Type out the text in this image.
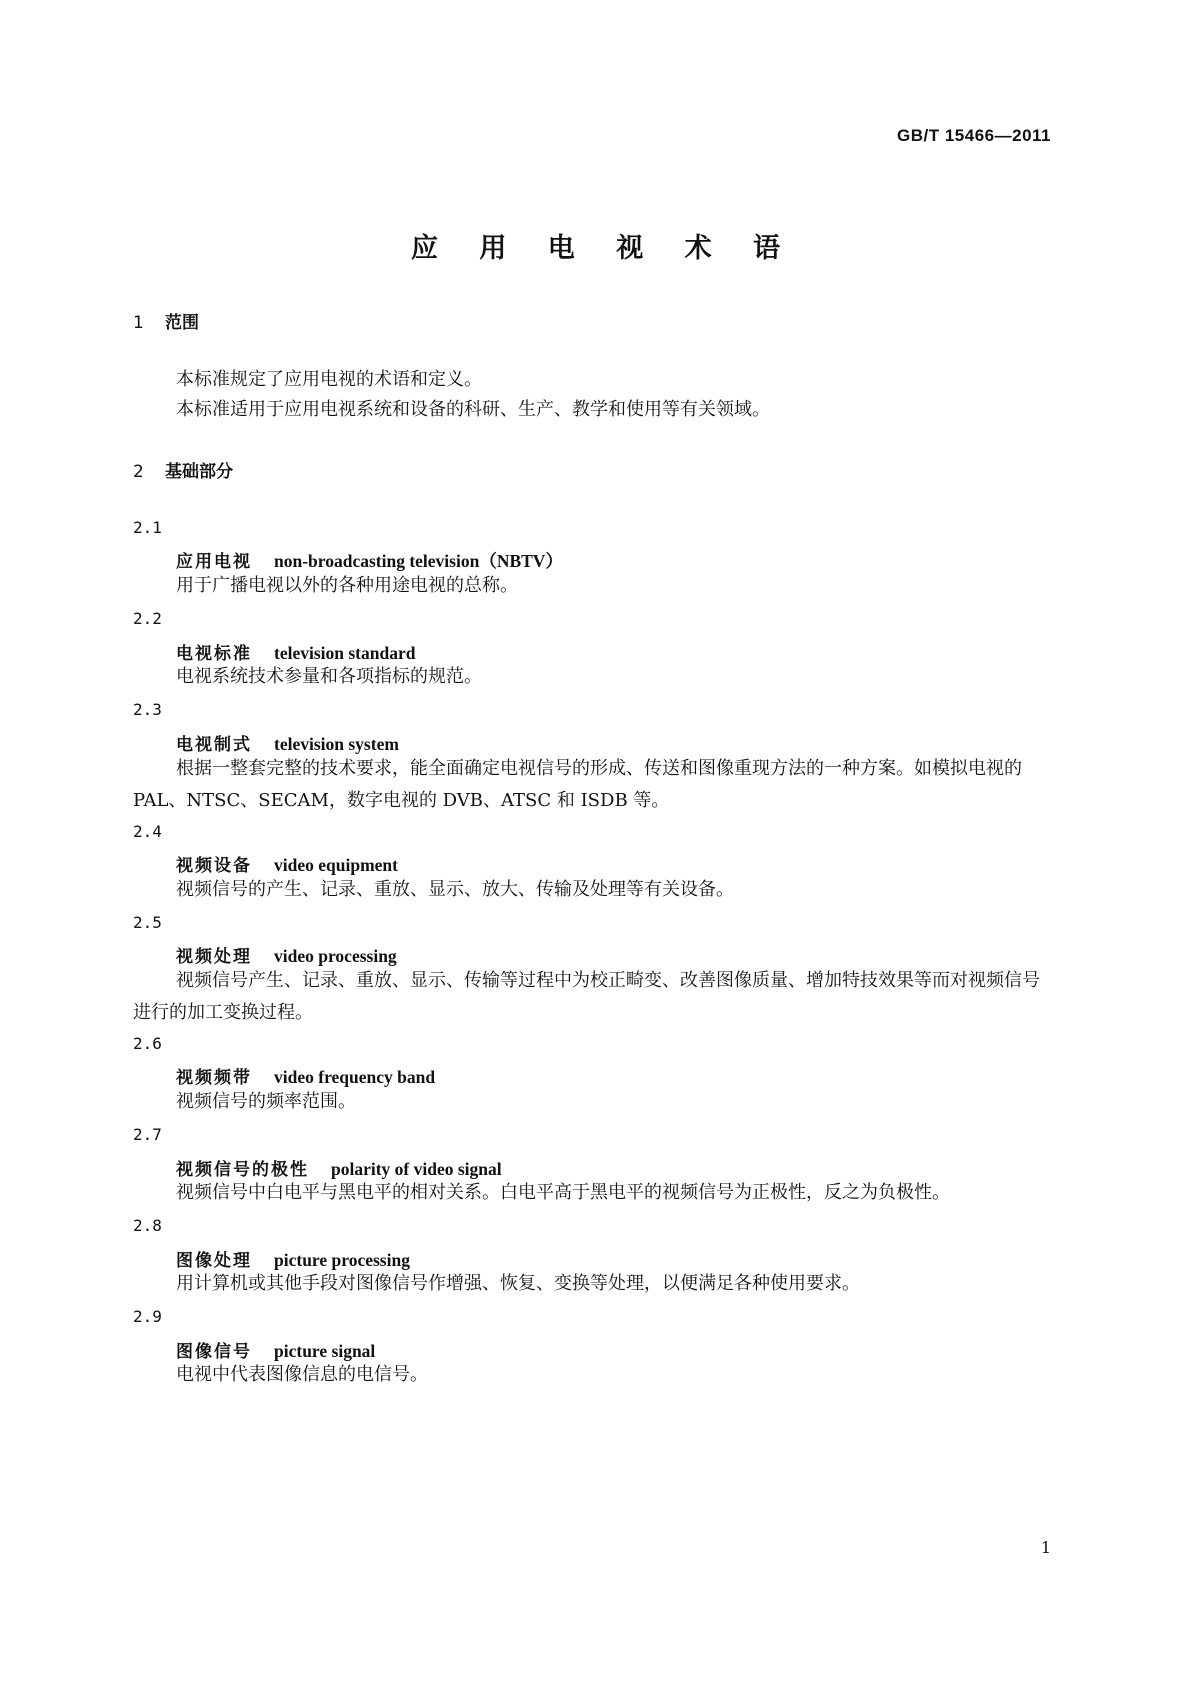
GB/T 15466—2011
应 用 电 视 术 语
1 范围
本标准规定了应用电视的术语和定义。
本标准适用于应用电视系统和设备的科研、生产、教学和使用等有关领域。
2 基础部分
2.1
应用电视 non-broadcasting television（NBTV）
用于广播电视以外的各种用途电视的总称。
2.2
电视标准 television standard
电视系统技术参量和各项指标的规范。
2.3
电视制式 television system
根据一整套完整的技术要求，能全面确定电视信号的形成、传送和图像重现方法的一种方案。如模拟电视的 PAL、NTSC、SECAM，数字电视的 DVB、ATSC 和 ISDB 等。
2.4
视频设备 video equipment
视频信号的产生、记录、重放、显示、放大、传输及处理等有关设备。
2.5
视频处理 video processing
视频信号产生、记录、重放、显示、传输等过程中为校正畸变、改善图像质量、增加特技效果等而对视频信号进行的加工变换过程。
2.6
视频频带 video frequency band
视频信号的频率范围。
2.7
视频信号的极性 polarity of video signal
视频信号中白电平与黑电平的相对关系。白电平高于黑电平的视频信号为正极性，反之为负极性。
2.8
图像处理 picture processing
用计算机或其他手段对图像信号作增强、恢复、变换等处理，以便满足各种使用要求。
2.9
图像信号 picture signal
电视中代表图像信息的电信号。
1
